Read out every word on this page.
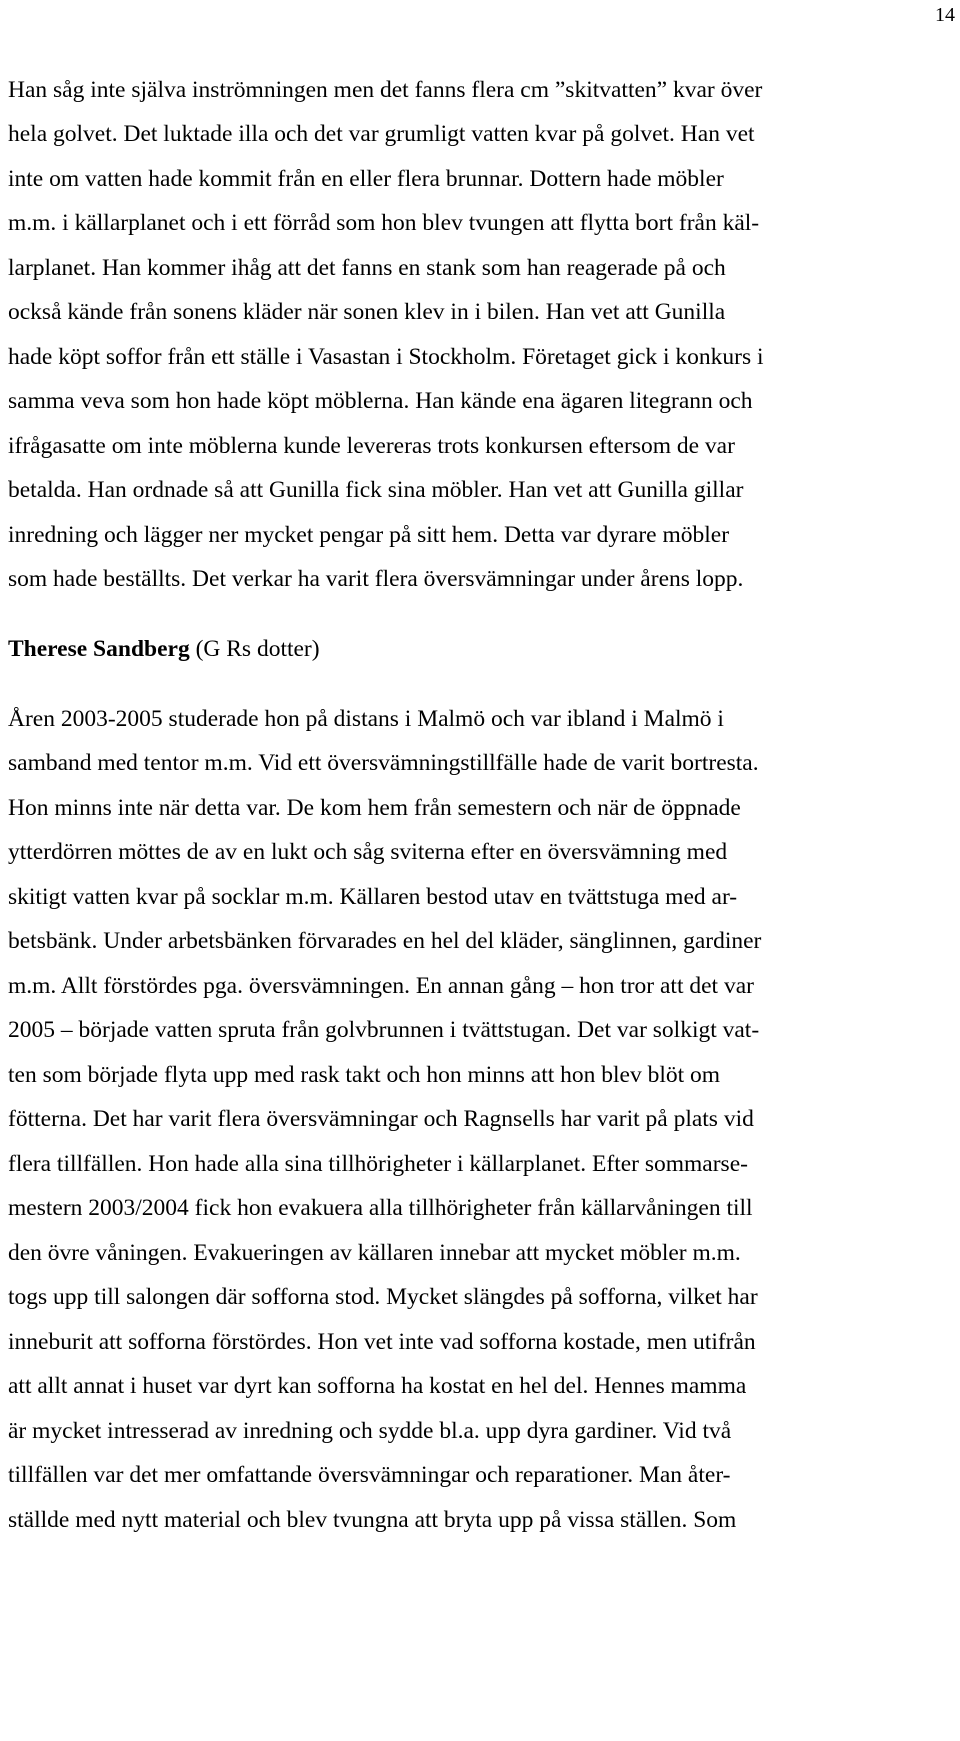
14
Han såg inte själva inströmningen men det fanns flera cm ”skitvatten” kvar över
hela golvet. Det luktade illa och det var grumligt vatten kvar på golvet. Han vet
inte om vatten hade kommit från en eller flera brunnar. Dottern hade möbler
m.m. i källarplanet och i ett förråd som hon blev tvungen att flytta bort från käl-
larplanet. Han kommer ihåg att det fanns en stank som han reagerade på och
också kände från sonens kläder när sonen klev in i bilen. Han vet att Gunilla
hade köpt soffor från ett ställe i Vasastan i Stockholm. Företaget gick i konkurs i
samma veva som hon hade köpt möblerna. Han kände ena ägaren litegrann och
ifrågasatte om inte möblerna kunde levereras trots konkursen eftersom de var
betalda. Han ordnade så att Gunilla fick sina möbler. Han vet att Gunilla gillar
inredning och lägger ner mycket pengar på sitt hem. Detta var dyrare möbler
som hade beställts. Det verkar ha varit flera översvämningar under årens lopp.
Therese Sandberg (G Rs dotter)
Åren 2003-2005 studerade hon på distans i Malmö och var ibland i Malmö i
samband med tentor m.m. Vid ett översvämningstillfälle hade de varit bortresta.
Hon minns inte när detta var. De kom hem från semestern och när de öppnade
ytterdörren möttes de av en lukt och såg sviterna efter en översvämning med
skitigt vatten kvar på socklar m.m. Källaren bestod utav en tvättstuga med ar-
betsbänk. Under arbetsbänken förvarades en hel del kläder, sänglinnen, gardiner
m.m. Allt förstördes pga. översvämningen. En annan gång – hon tror att det var
2005 – började vatten spruta från golvbrunnen i tvättstugan. Det var solkigt vat-
ten som började flyta upp med rask takt och hon minns att hon blev blöt om
fötterna. Det har varit flera översvämningar och Ragnsells har varit på plats vid
flera tillfällen. Hon hade alla sina tillhörigheter i källarplanet. Efter sommarse-
mestern 2003/2004 fick hon evakuera alla tillhörigheter från källarvåningen till
den övre våningen. Evakueringen av källaren innebar att mycket möbler m.m.
togs upp till salongen där sofforna stod. Mycket slängdes på sofforna, vilket har
inneburit att sofforna förstördes. Hon vet inte vad sofforna kostade, men utifrån
att allt annat i huset var dyrt kan sofforna ha kostat en hel del. Hennes mamma
är mycket intresserad av inredning och sydde bl.a. upp dyra gardiner. Vid två
tillfällen var det mer omfattande översvämningar och reparationer. Man åter-
ställde med nytt material och blev tvungna att bryta upp på vissa ställen. Som
